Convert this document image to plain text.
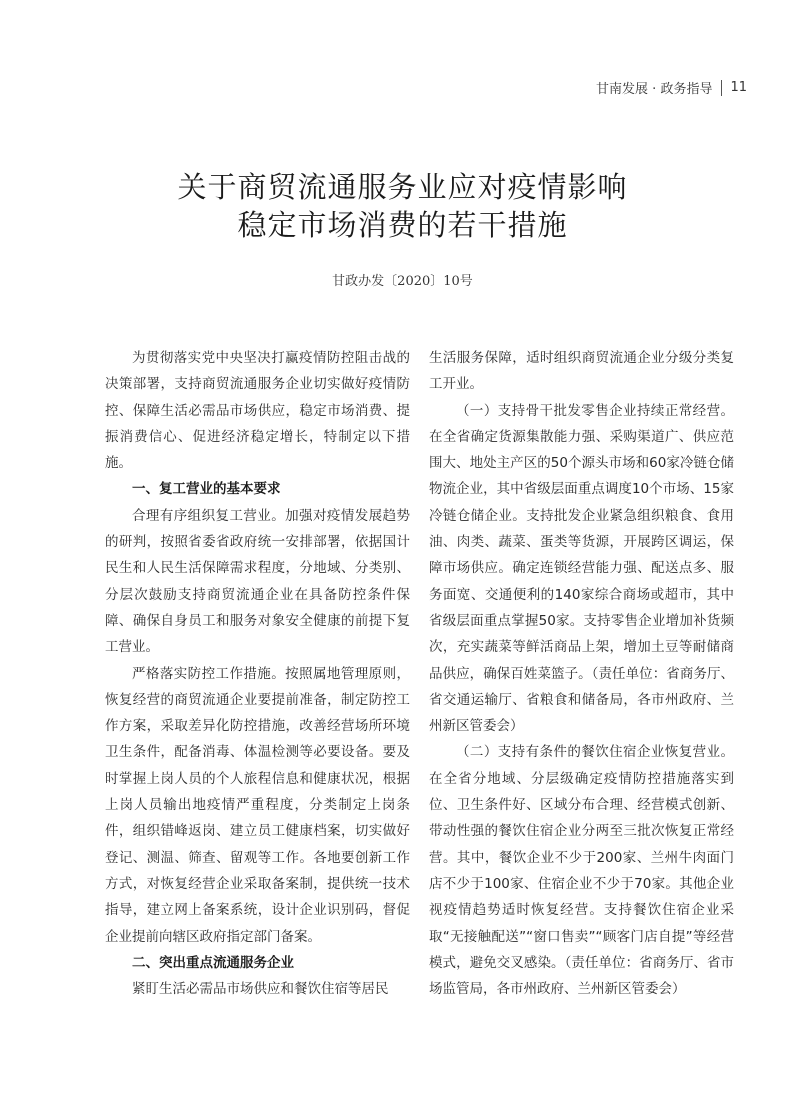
甘南发展 · 政务指导 11
关于商贸流通服务业应对疫情影响
稳定市场消费的若干措施
甘政办发〔2020〕10号

为贯彻落实党中央坚决打赢疫情防控阻击战的决策部署，支持商贸流通服务企业切实做好疫情防控、保障生活必需品市场供应，稳定市场消费、提振消费信心、促进经济稳定增长，特制定以下措施。

一、复工营业的基本要求

合理有序组织复工营业。加强对疫情发展趋势的研判，按照省委省政府统一安排部署，依据国计民生和人民生活保障需求程度，分地域、分类别、分层次鼓励支持商贸流通企业在具备防控条件保障、确保自身员工和服务对象安全健康的前提下复工营业。

严格落实防控工作措施。按照属地管理原则，恢复经营的商贸流通企业要提前准备，制定防控工作方案，采取差异化防控措施，改善经营场所环境卫生条件，配备消毒、体温检测等必要设备。要及时掌握上岗人员的个人旅程信息和健康状况，根据上岗人员输出地疫情严重程度，分类制定上岗条件，组织错峰返岗、建立员工健康档案，切实做好登记、测温、筛查、留观等工作。各地要创新工作方式，对恢复经营企业采取备案制，提供统一技术指导，建立网上备案系统，设计企业识别码，督促企业提前向辖区政府指定部门备案。

二、突出重点流通服务企业

紧盯生活必需品市场供应和餐饮住宿等居民

生活服务保障，适时组织商贸流通企业分级分类复工开业。

（一）支持骨干批发零售企业持续正常经营。在全省确定货源集散能力强、采购渠道广、供应范围大、地处主产区的50个源头市场和60家冷链仓储物流企业，其中省级层面重点调度10个市场、15家冷链仓储企业。支持批发企业紧急组织粮食、食用油、肉类、蔬菜、蛋类等货源，开展跨区调运，保障市场供应。确定连锁经营能力强、配送点多、服务面宽、交通便利的140家综合商场或超市，其中省级层面重点掌握50家。支持零售企业增加补货频次，充实蔬菜等鲜活商品上架，增加土豆等耐储商品供应，确保百姓菜篮子。（责任单位：省商务厅、省交通运输厅、省粮食和储备局，各市州政府、兰州新区管委会）

（二）支持有条件的餐饮住宿企业恢复营业。在全省分地域、分层级确定疫情防控措施落实到位、卫生条件好、区域分布合理、经营模式创新、带动性强的餐饮住宿企业分两至三批次恢复正常经营。其中，餐饮企业不少于200家、兰州牛肉面门店不少于100家、住宿企业不少于70家。其他企业视疫情趋势适时恢复经营。支持餐饮住宿企业采取“无接触配送”“窗口售卖”“顾客门店自提”等经营模式，避免交叉感染。（责任单位：省商务厅、省市场监管局，各市州政府、兰州新区管委会）
